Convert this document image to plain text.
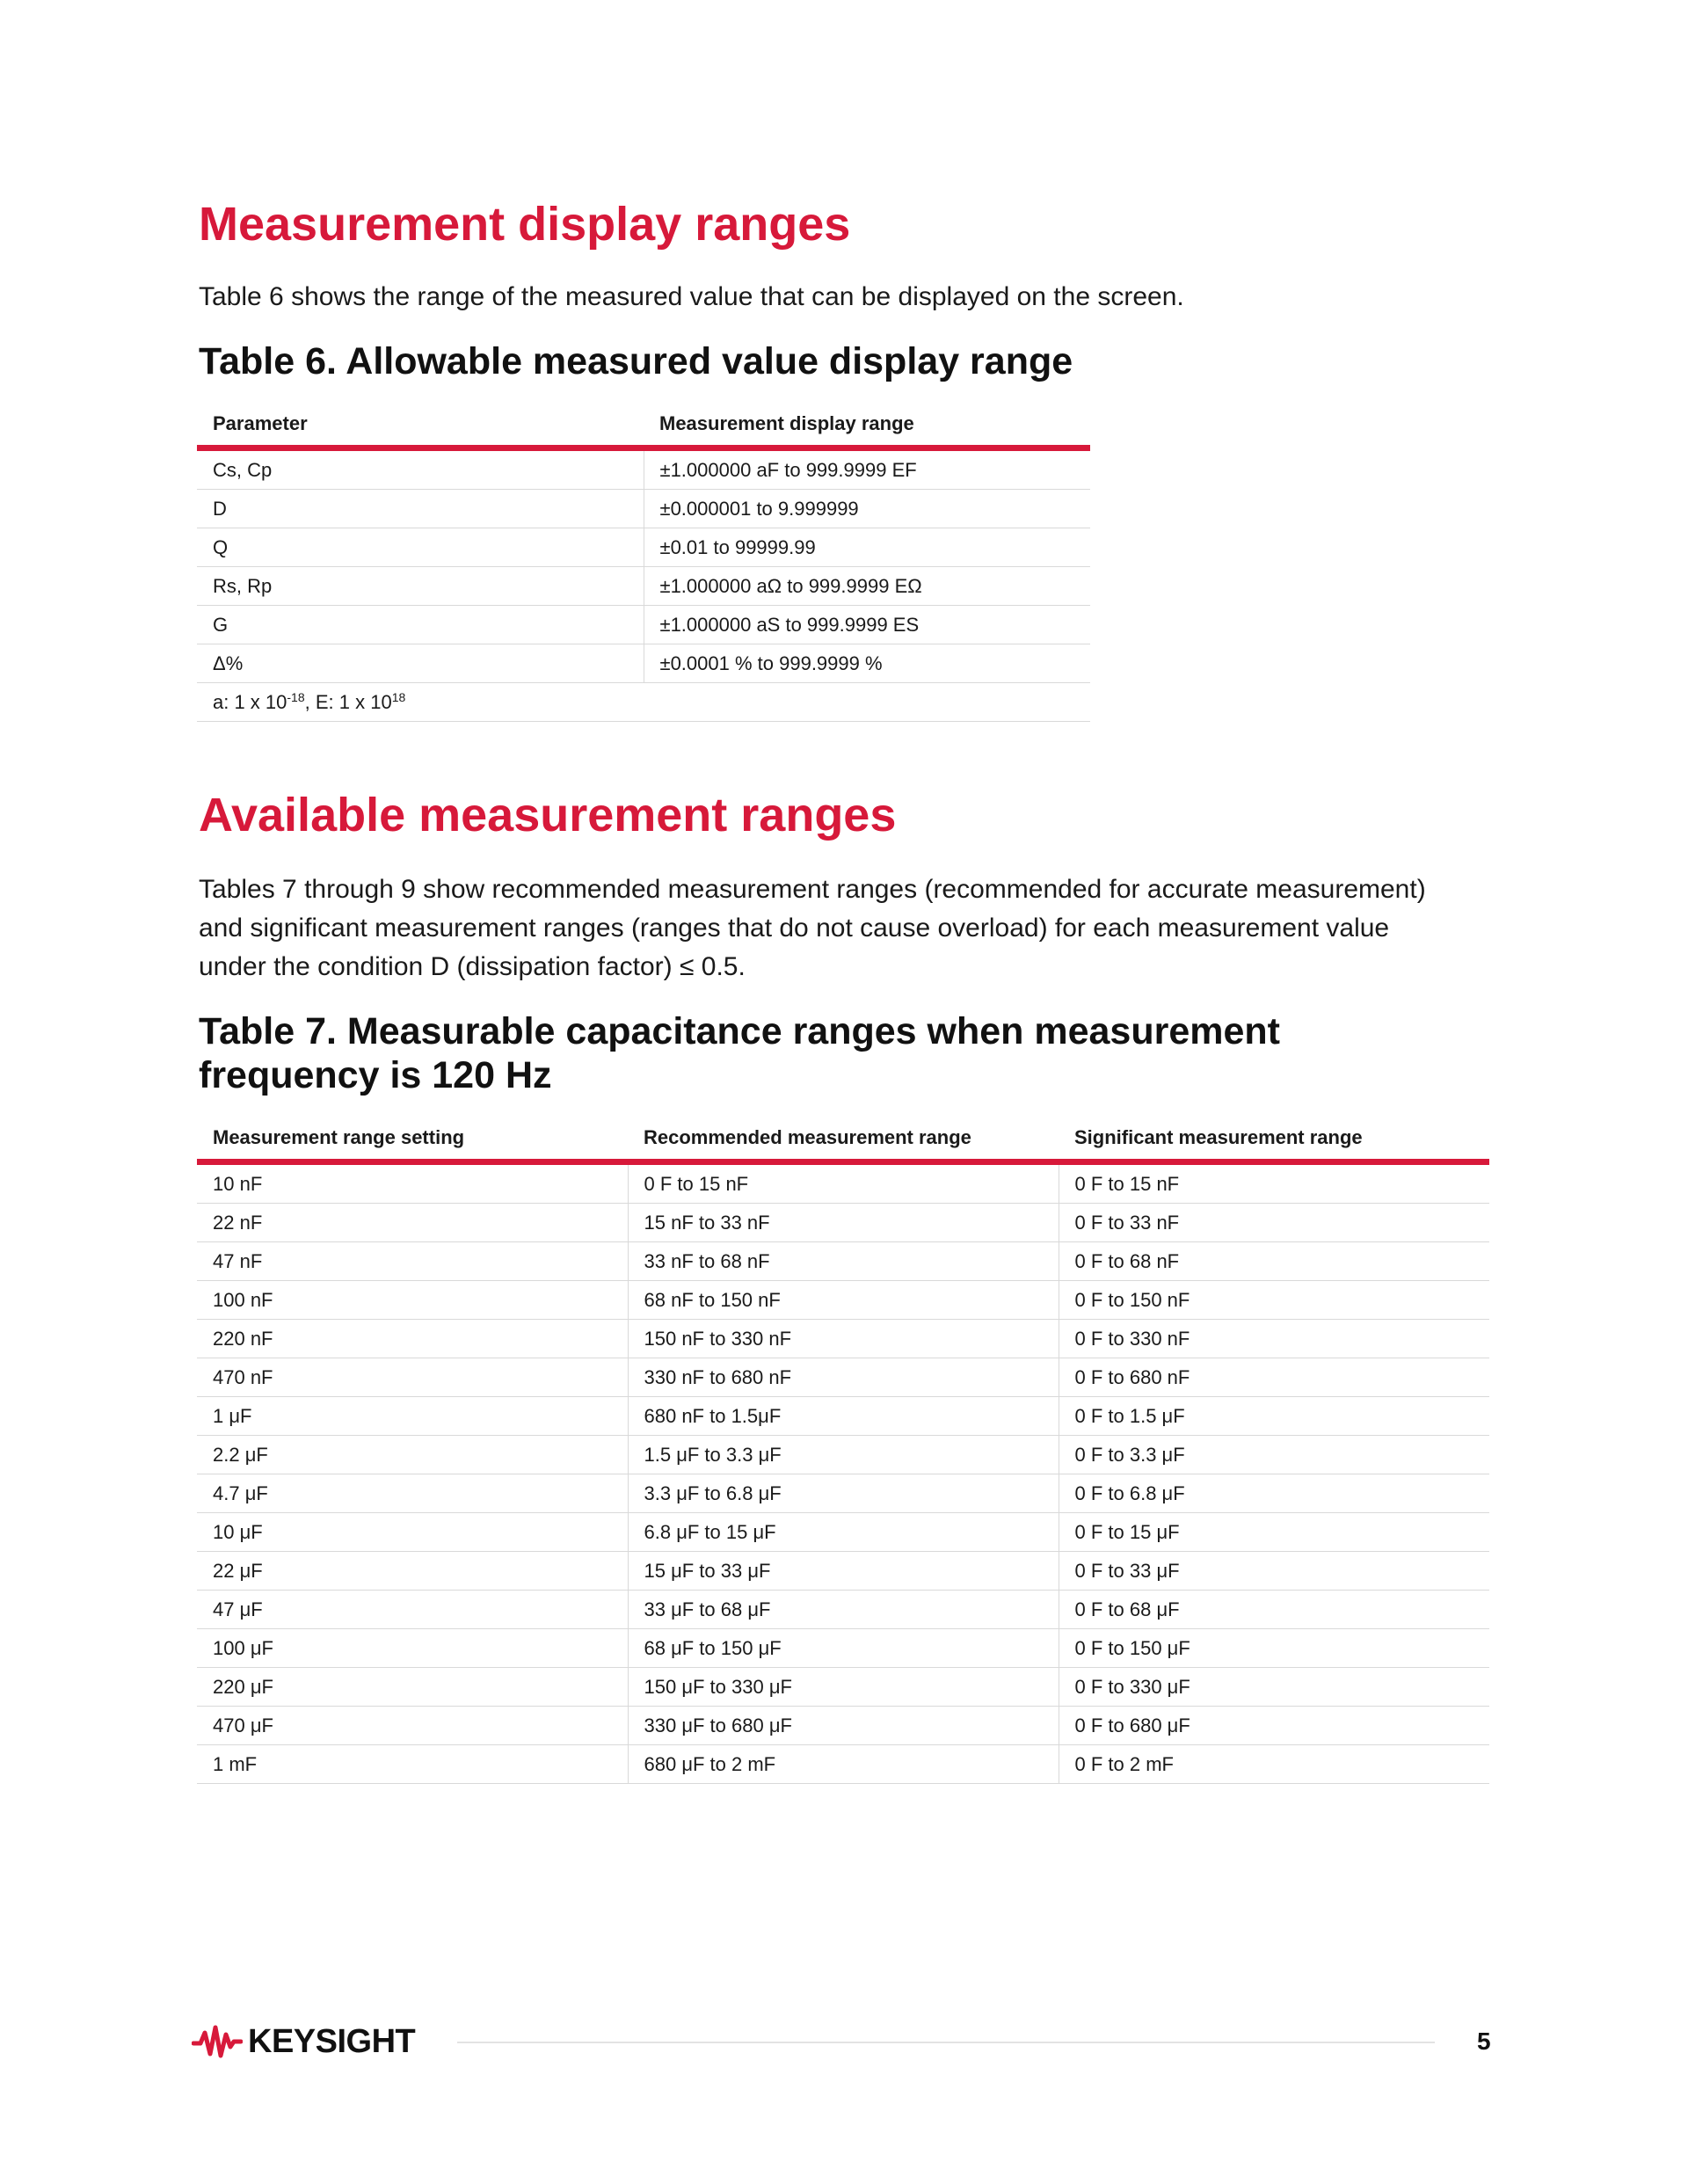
Measurement display ranges

Table 6 shows the range of the measured value that can be displayed on the screen.

Table 6. Allowable measured value display range
Parameter	Measurement display range
Cs, Cp	±1.000000 aF to 999.9999 EF
D	±0.000001 to 9.999999
Q	±0.01 to 99999.99
Rs, Rp	±1.000000 aΩ to 999.9999 EΩ
G	±1.000000 aS to 999.9999 ES
Δ%	±0.0001 % to 999.9999 %
a: 1 x $10^{-18}$, E: 1 x $10^{18}$
Available measurement ranges
Tables 7 through 9 show recommended measurement ranges (recommended for accurate measurement)
and significant measurement ranges (ranges that do not cause overload) for each measurement value
under the condition D (dissipation factor) ≤ 0.5.
Table 7. Measurable capacitance ranges when measurement
frequency is 120 Hz
Measurement range setting	Recommended measurement range	Significant measurement range
10 nF	0 F to 15 nF	0 F to 15 nF
22 nF	15 nF to 33 nF	0 F to 33 nF
47 nF	33 nF to 68 nF	0 F to 68 nF
100 nF	68 nF to 150 nF	0 F to 150 nF
220 nF	150 nF to 330 nF	0 F to 330 nF
470 nF	330 nF to 680 nF	0 F to 680 nF
1 μF	680 nF to 1.5μF	0 F to 1.5 μF
2.2 μF	1.5 μF to 3.3 μF	0 F to 3.3 μF
4.7 μF	3.3 μF to 6.8 μF	0 F to 6.8 μF
10 μF	6.8 μF to 15 μF	0 F to 15 μF
22 μF	15 μF to 33 μF	0 F to 33 μF
47 μF	33 μF to 68 μF	0 F to 68 μF
100 μF	68 μF to 150 μF	0 F to 150 μF
220 μF	150 μF to 330 μF	0 F to 330 μF
470 μF	330 μF to 680 μF	0 F to 680 μF
1 mF	680 μF to 2 mF	0 F to 2 mF
KEYSIGHT	5
